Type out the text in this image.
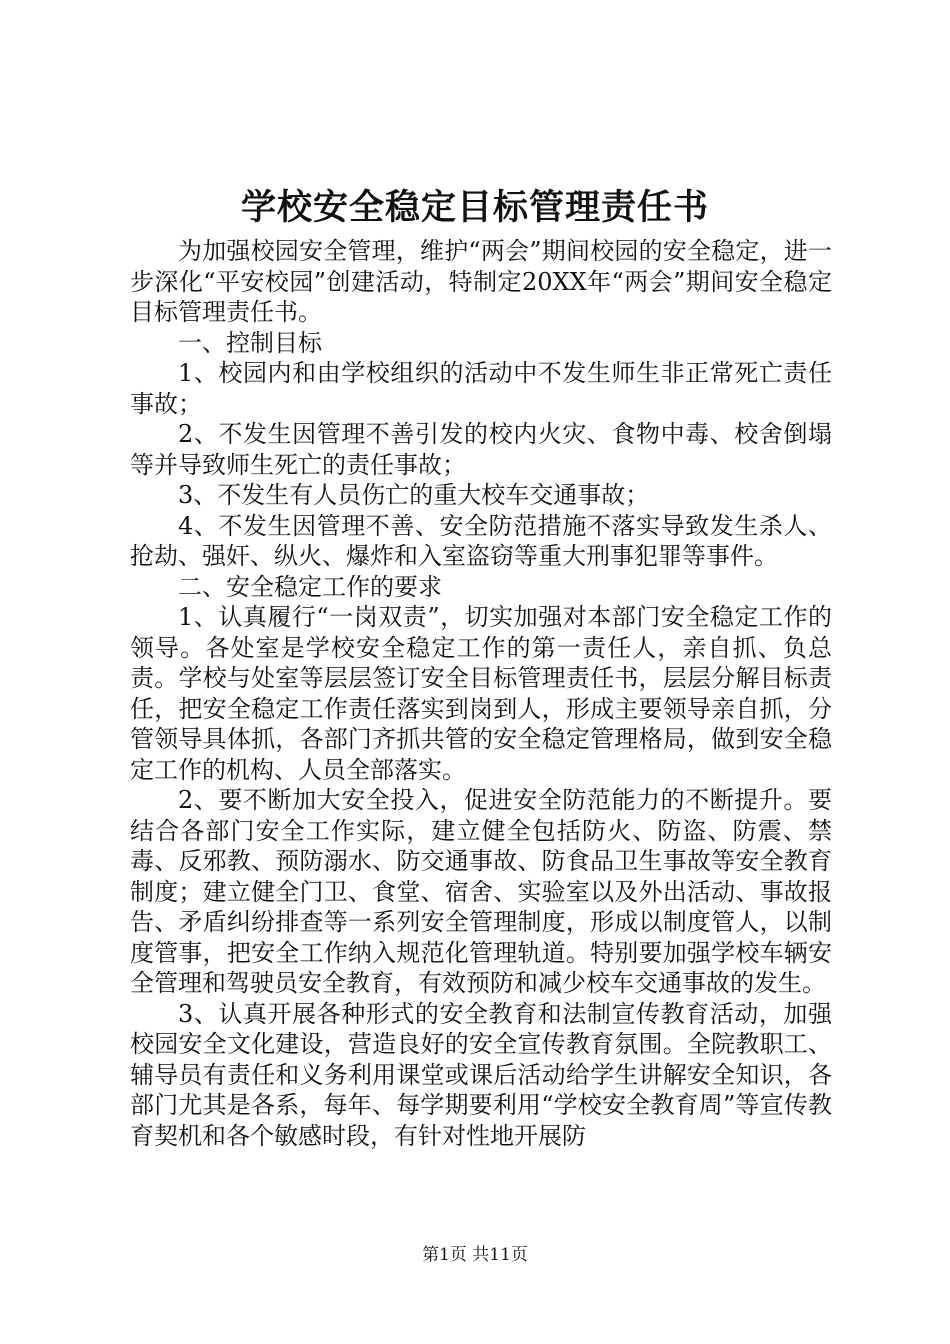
学校安全稳定目标管理责任书

为加强校园安全管理，维护“两会”期间校园的安全稳定，进一步深化“平安校园”创建活动，特制定20XX年“两会”期间安全稳定目标管理责任书。

一、控制目标

1、校园内和由学校组织的活动中不发生师生非正常死亡责任事故；

2、不发生因管理不善引发的校内火灾、食物中毒、校舍倒塌等并导致师生死亡的责任事故；

3、不发生有人员伤亡的重大校车交通事故；

4、不发生因管理不善、安全防范措施不落实导致发生杀人、抢劫、强奸、纵火、爆炸和入室盗窃等重大刑事犯罪等事件。

二、安全稳定工作的要求

1、认真履行“一岗双责”，切实加强对本部门安全稳定工作的领导。各处室是学校安全稳定工作的第一责任人，亲自抓、负总责。学校与处室等层层签订安全目标管理责任书，层层分解目标责任，把安全稳定工作责任落实到岗到人，形成主要领导亲自抓，分管领导具体抓，各部门齐抓共管的安全稳定管理格局，做到安全稳定工作的机构、人员全部落实。

2、要不断加大安全投入，促进安全防范能力的不断提升。要结合各部门安全工作实际，建立健全包括防火、防盗、防震、禁毒、反邪教、预防溺水、防交通事故、防食品卫生事故等安全教育制度；建立健全门卫、食堂、宿舍、实验室以及外出活动、事故报告、矛盾纠纷排查等一系列安全管理制度，形成以制度管人，以制度管事，把安全工作纳入规范化管理轨道。特别要加强学校车辆安全管理和驾驶员安全教育，有效预防和减少校车交通事故的发生。

3、认真开展各种形式的安全教育和法制宣传教育活动，加强校园安全文化建设，营造良好的安全宣传教育氛围。全院教职工、辅导员有责任和义务利用课堂或课后活动给学生讲解安全知识，各部门尤其是各系，每年、每学期要利用“学校安全教育周”等宣传教育契机和各个敏感时段，有针对性地开展防

第1页 共11页
